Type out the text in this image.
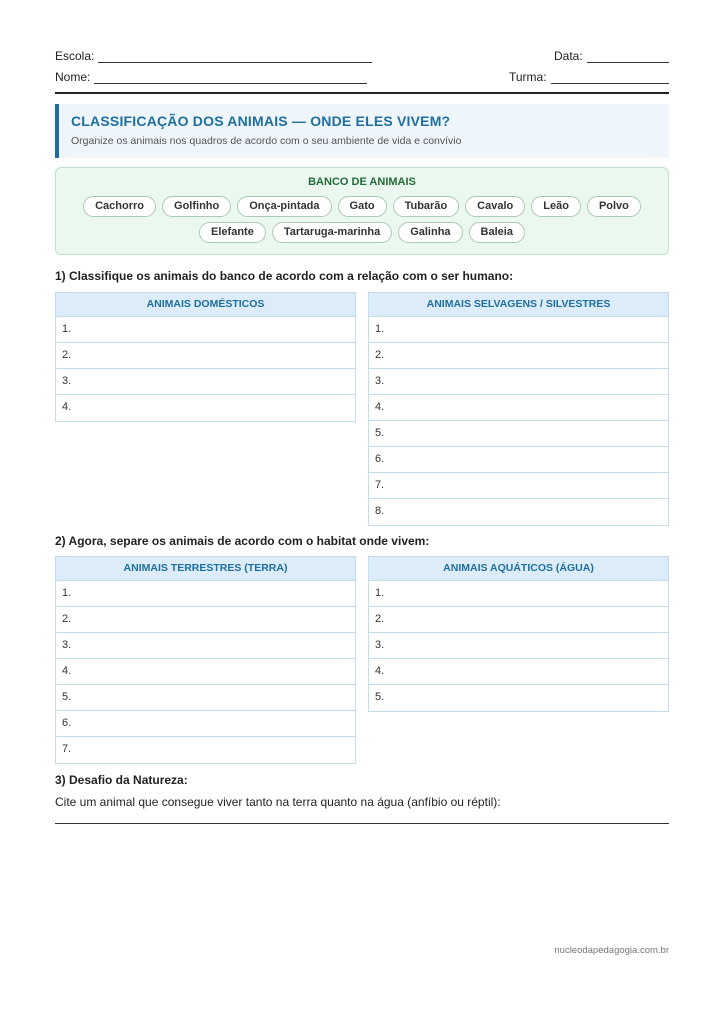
Escola:	Data:
Nome:	Turma:
CLASSIFICAÇÃO DOS ANIMAIS — ONDE ELES VIVEM?
Organize os animais nos quadros de acordo com o seu ambiente de vida e convívio
BANCO DE ANIMAIS
Cachorro	Golfinho	Onça-pintada	Gato	Tubarão	Cavalo	Leão	Polvo
Elefante	Tartaruga-marinha	Galinha	Baleia
1) Classifique os animais do banco de acordo com a relação com o ser humano:
ANIMAIS DOMÉSTICOS
1.
2.
3.
4.
ANIMAIS SELVAGENS / SILVESTRES
1.
2.
3.
4.
5.
6.
7.
8.
2) Agora, separe os animais de acordo com o habitat onde vivem:
ANIMAIS TERRESTRES (TERRA)
1.
2.
3.
4.
5.
6.
7.
ANIMAIS AQUÁTICOS (ÁGUA)
1.
2.
3.
4.
5.
3) Desafio da Natureza:
Cite um animal que consegue viver tanto na terra quanto na água (anfíbio ou réptil):
nucleodapedagogia.com.br
